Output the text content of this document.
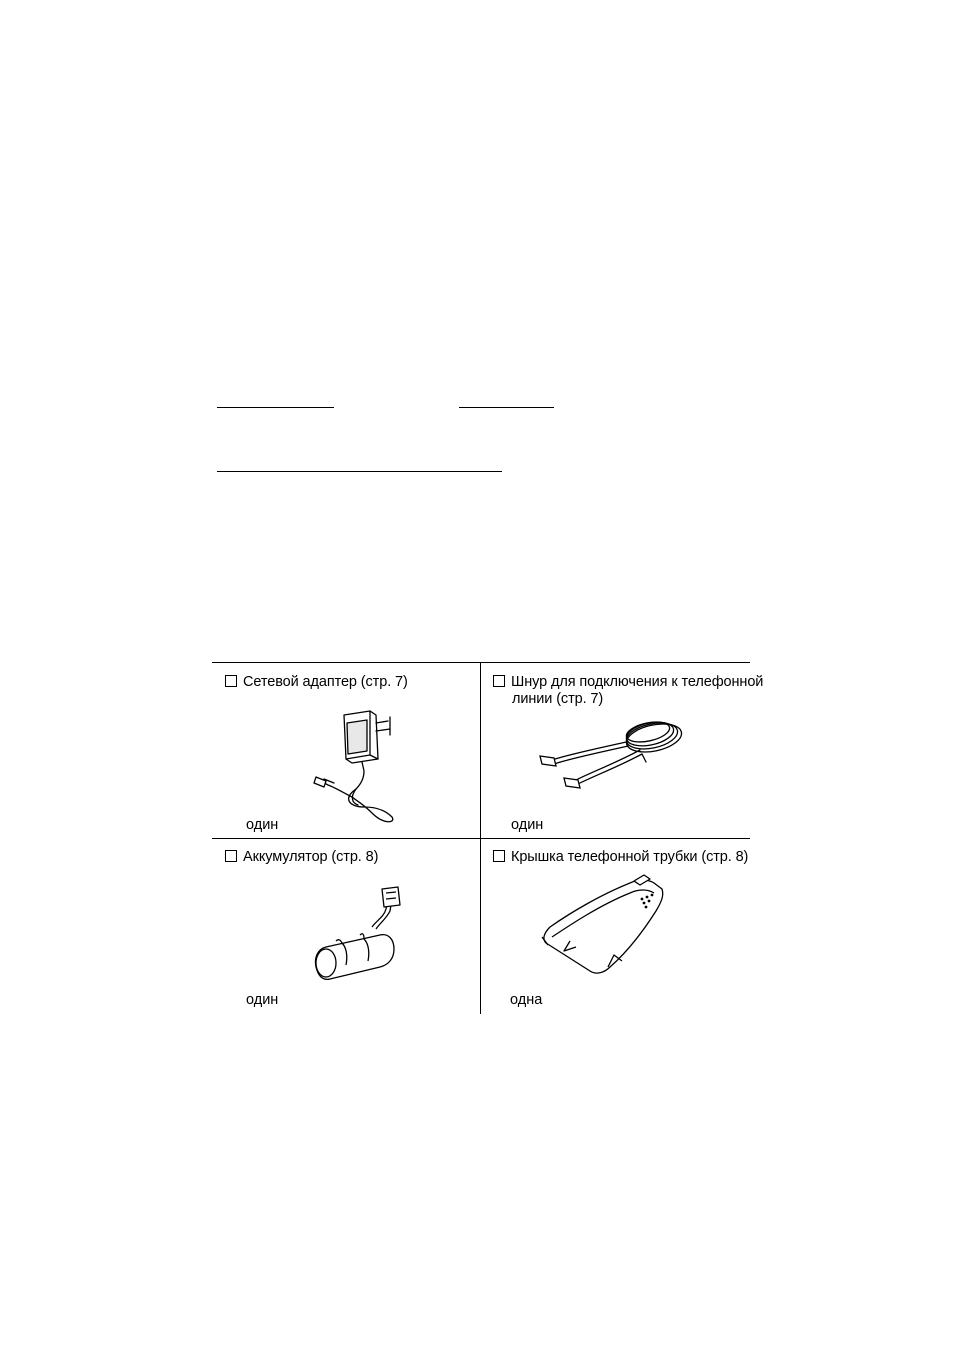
Сетевой адаптер (стр. 7)
один
Шнур для подключения к телефонной
линии (стр. 7)
один
Аккумулятор (стр. 8)
один
Крышка телефонной трубки (стр. 8)
одна
